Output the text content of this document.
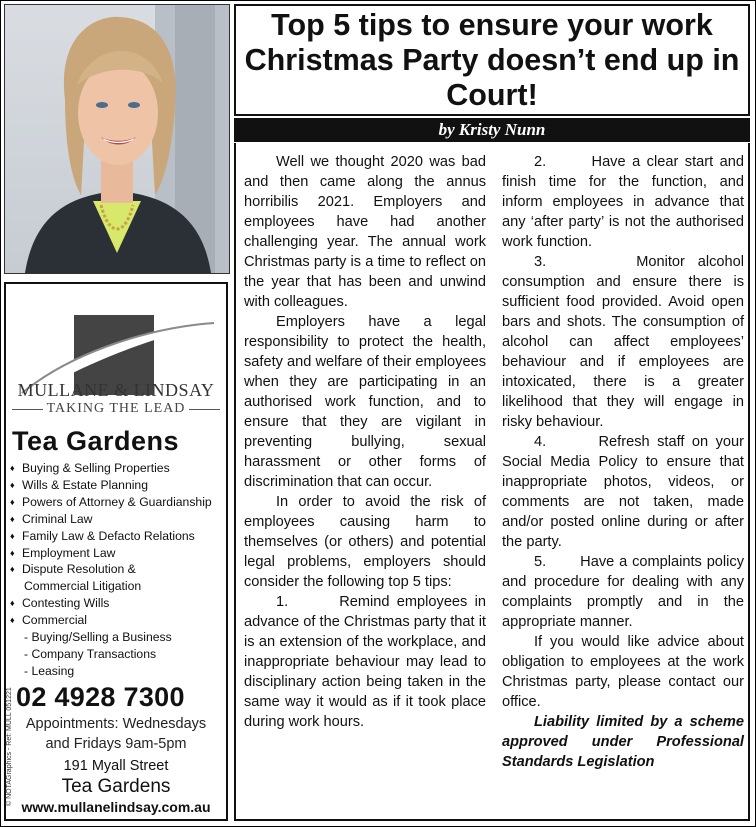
MULLANE & LINDSAY
TAKING THE LEAD
Tea Gardens
♦ Buying & Selling Properties
♦ Wills & Estate Planning
♦ Powers of Attorney & Guardianship
♦ Criminal Law
♦ Family Law & Defacto Relations
♦ Employment Law
♦ Dispute Resolution &
Commercial Litigation
♦ Contesting Wills
♦ Commercial
- Buying/Selling a Business
- Company Transactions
- Leasing
© NOTAGraphics - Ref: MULL 051221 02 4928 7300
Appointments: Wednesdays
and Fridays 9am-5pm
191 Myall Street
Tea Gardens
www.mullanelindsay.com.au
Top 5 tips to ensure your work Christmas Party doesn’t end up in Court!
by Kristy Nunn

Well we thought 2020 was bad and then came along the annus horribilis 2021. Employers and employees have had another challenging year. The annual work Christmas party is a time to reflect on the year that has been and unwind with colleagues.

Employers have a legal responsibility to protect the health, safety and welfare of their employees when they are participating in an authorised work function, and to ensure that they are vigilant in preventing bullying, sexual harassment or other forms of discrimination that can occur.

In order to avoid the risk of employees causing harm to themselves (or others) and potential legal problems, employers should consider the following top 5 tips:

1.       Remind employees in advance of the Christmas party that it is an extension of the workplace, and inappropriate behaviour may lead to disciplinary action being taken in the same way it would as if it took place during work hours.

2.       Have a clear start and finish time for the function, and inform employees in advance that any ‘after party’ is not the authorised work function.

3.       Monitor alcohol consumption and ensure there is sufficient food provided. Avoid open bars and shots. The consumption of alcohol can affect employees’ behaviour and if employees are intoxicated, there is a greater likelihood that they will engage in risky behaviour.

4.       Refresh staff on your Social Media Policy to ensure that inappropriate photos, videos, or comments are not taken, made and/or posted online during or after the party.

5.       Have a complaints policy and procedure for dealing with any complaints promptly and in the appropriate manner.

If you would like advice about obligation to employees at the work Christmas party, please contact our office.

Liability limited by a scheme approved under Professional Standards Legislation
